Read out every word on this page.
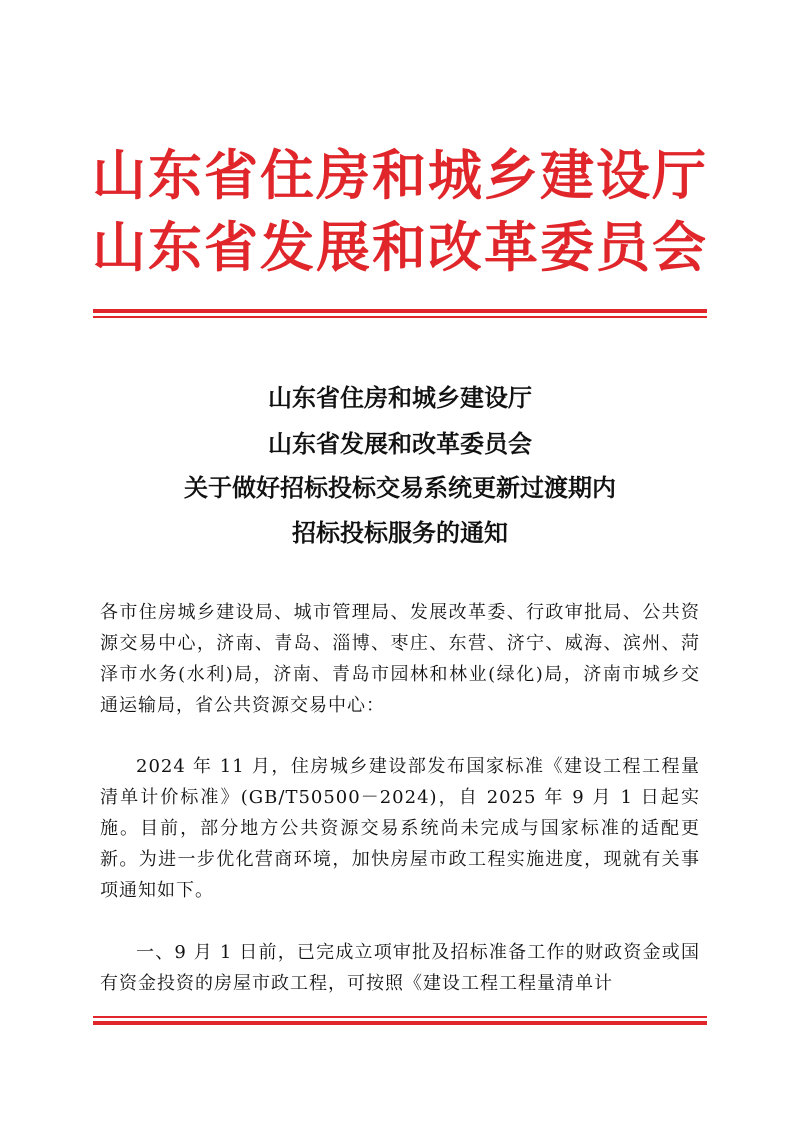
山东省住房和城乡建设厅
山东省发展和改革委员会
山东省住房和城乡建设厅
山东省发展和改革委员会
关于做好招标投标交易系统更新过渡期内
招标投标服务的通知
各市住房城乡建设局、城市管理局、发展改革委、行政审批局、公共资源交易中心，济南、青岛、淄博、枣庄、东营、济宁、威海、滨州、菏泽市水务(水利)局，济南、青岛市园林和林业(绿化)局，济南市城乡交通运输局，省公共资源交易中心：
2024 年 11 月，住房城乡建设部发布国家标准《建设工程工程量清单计价标准》(GB/T50500－2024)，自 2025 年 9 月 1 日起实施。目前，部分地方公共资源交易系统尚未完成与国家标准的适配更新。为进一步优化营商环境，加快房屋市政工程实施进度，现就有关事项通知如下。
一、9 月 1 日前，已完成立项审批及招标准备工作的财政资金或国有资金投资的房屋市政工程，可按照《建设工程工程量清单计
